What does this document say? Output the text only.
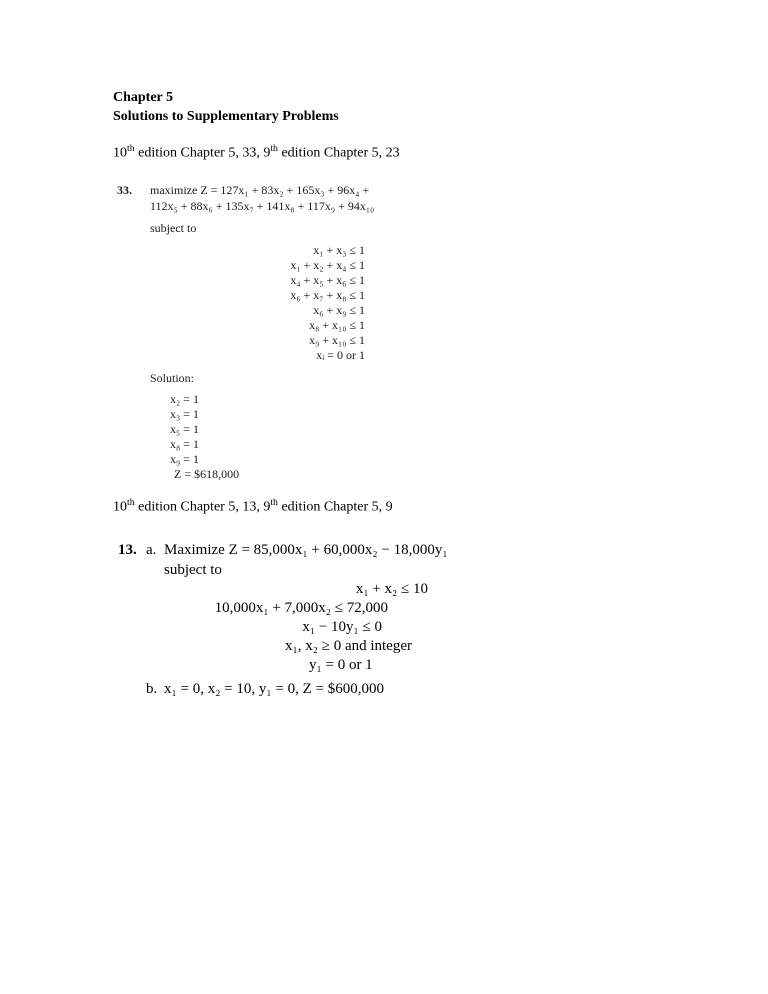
Chapter 5
Solutions to Supplementary Problems
10th edition Chapter 5, 33, 9th edition Chapter 5, 23
33. maximize Z = 127x₁ + 83x₂ + 165x₃ + 96x₄ +
112x₅ + 88x₆ + 135x₇ + 141x₈ + 117x₉ + 94x₁₀
subject to
x₁ + x₃ ≤ 1
x₁ + x₂ + x₄ ≤ 1
x₄ + x₅ + x₆ ≤ 1
x₆ + x₇ + x₈ ≤ 1
x₆ + x₉ ≤ 1
x₈ + x₁₀ ≤ 1
x₉ + x₁₀ ≤ 1
xᵢ = 0 or 1
Solution:
x₂ = 1
x₃ = 1
x₅ = 1
x₈ = 1
x₉ = 1
Z = $618,000
10th edition Chapter 5, 13, 9th edition Chapter 5, 9
13. a. Maximize Z = 85,000x₁ + 60,000x₂ − 18,000y₁
subject to
x₁ + x₂ ≤ 10
10,000x₁ + 7,000x₂ ≤ 72,000
x₁ − 10y₁ ≤ 0
x₁, x₂ ≥ 0 and integer
y₁ = 0 or 1
b. x₁ = 0, x₂ = 10, y₁ = 0, Z = $600,000
